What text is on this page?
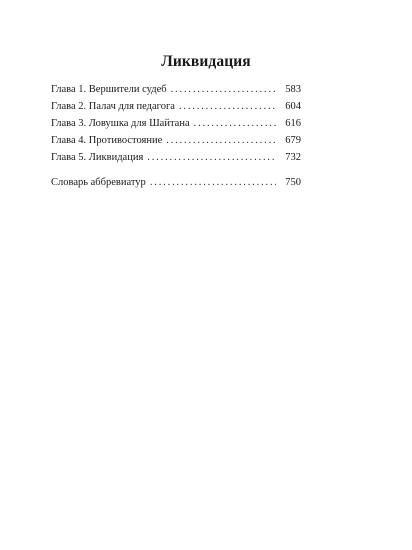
Ликвидация
Глава 1. Вершители судеб . . .	583
Глава 2. Палач для педагога . . .	604
Глава 3. Ловушка для Шайтана . . .	616
Глава 4. Противостояние . . .	679
Глава 5. Ликвидация . . .	732
Словарь аббревиатур . . .	750
